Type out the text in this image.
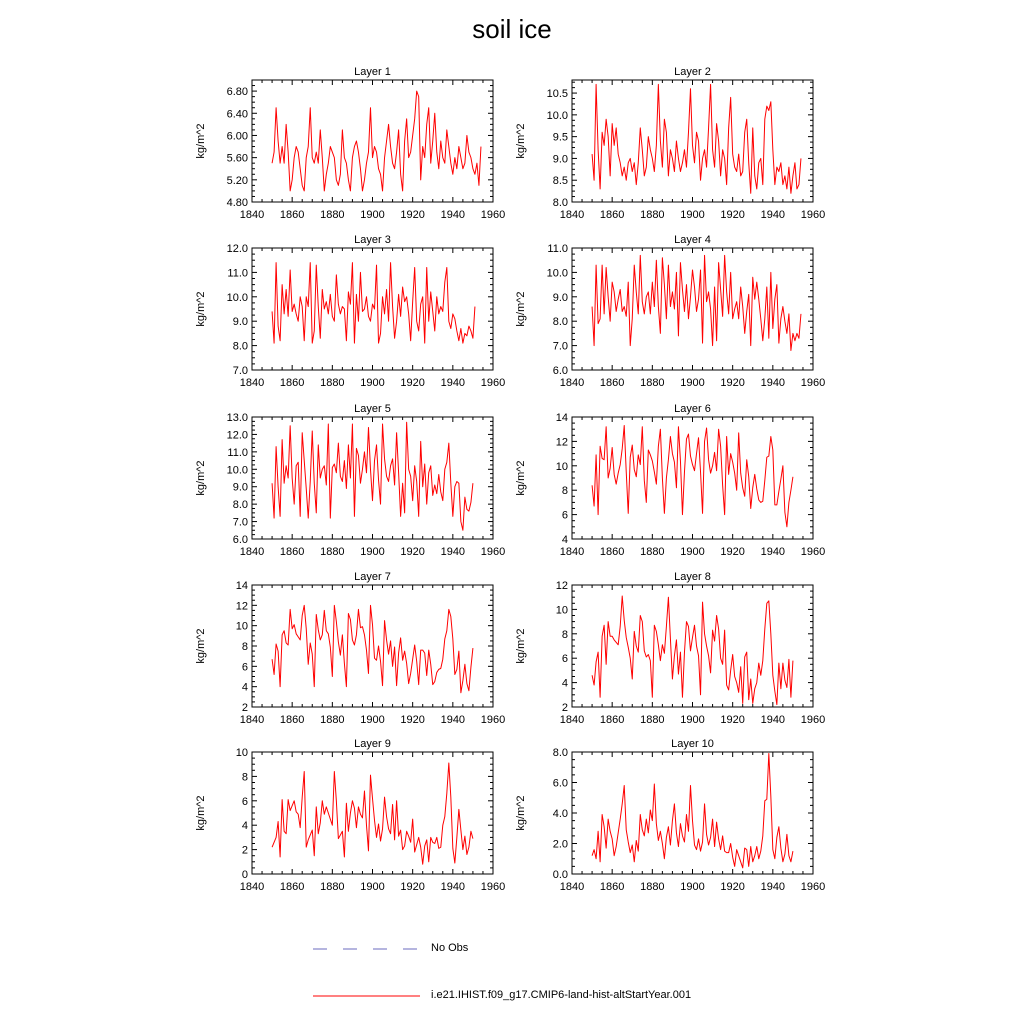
soil ice
Layer 1
kg/m^2
1840 1860 1880 1900 1920 1940 1960
4.80
5.20
5.60
6.00
6.40
6.80
Layer 2
kg/m^2
1840 1860 1880 1900 1920 1940 1960
8.0
8.5
9.0
9.5
10.0
10.5
Layer 3
kg/m^2
1840 1860 1880 1900 1920 1940 1960
7.0
8.0
9.0
10.0
11.0
12.0
Layer 4
kg/m^2
1840 1860 1880 1900 1920 1940 1960
6.0
7.0
8.0
9.0
10.0
11.0
Layer 5
kg/m^2
1840 1860 1880 1900 1920 1940 1960
6.0
7.0
8.0
9.0
10.0
11.0
12.0
13.0
Layer 6
kg/m^2
1840 1860 1880 1900 1920 1940 1960
4
6
8
10
12
14
Layer 7
kg/m^2
1840 1860 1880 1900 1920 1940 1960
2
4
6
8
10
12
14
Layer 8
kg/m^2
1840 1860 1880 1900 1920 1940 1960
2
4
6
8
10
12
Layer 9
kg/m^2
1840 1860 1880 1900 1920 1940 1960
0
2
4
6
8
10
Layer 10
kg/m^2
1840 1860 1880 1900 1920 1940 1960
0.0
2.0
4.0
6.0
8.0
No Obs
i.e21.IHIST.f09_g17.CMIP6-land-hist-altStartYear.001
